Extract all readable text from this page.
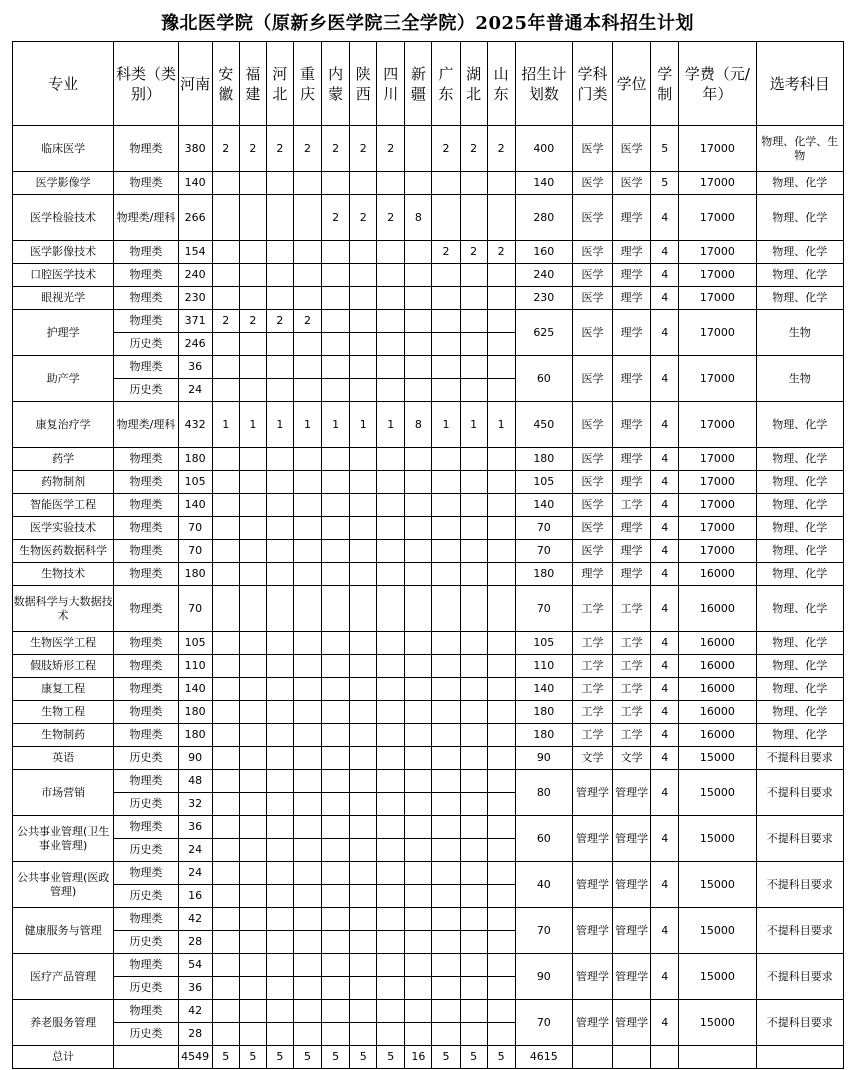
豫北医学院（原新乡医学院三全学院）2025年普通本科招生计划
专业	科类（类别）	河南	安徽	福建	河北	重庆	内蒙	陕西	四川	新疆	广东	湖北	山东	招生计划数	学科门类	学位	学制	学费（元/年）	选考科目
临床医学	物理类	380	2	2	2	2	2	2	2		2	2	2	400	医学	医学	5	17000	物理、化学、生物
医学影像学	物理类	140												140	医学	医学	5	17000	物理、化学
医学检验技术	物理类/理科	266					2	2	2	8				280	医学	理学	4	17000	物理、化学
医学影像技术	物理类	154									2	2	2	160	医学	理学	4	17000	物理、化学
口腔医学技术	物理类	240												240	医学	理学	4	17000	物理、化学
眼视光学	物理类	230												230	医学	理学	4	17000	物理、化学
护理学	物理类	371	2	2	2	2								625	医学	理学	4	17000	生物
	历史类	246																	
助产学	物理类	36												60	医学	理学	4	17000	生物
	历史类	24																	
康复治疗学	物理类/理科	432	1	1	1	1	1	1	1	8	1	1	1	450	医学	理学	4	17000	物理、化学
药学	物理类	180												180	医学	理学	4	17000	物理、化学
药物制剂	物理类	105												105	医学	理学	4	17000	物理、化学
智能医学工程	物理类	140												140	医学	工学	4	17000	物理、化学
医学实验技术	物理类	70												70	医学	理学	4	17000	物理、化学
生物医药数据科学	物理类	70												70	医学	理学	4	17000	物理、化学
生物技术	物理类	180												180	理学	理学	4	16000	物理、化学
数据科学与大数据技术	物理类	70												70	工学	工学	4	16000	物理、化学
生物医学工程	物理类	105												105	工学	工学	4	16000	物理、化学
假肢矫形工程	物理类	110												110	工学	工学	4	16000	物理、化学
康复工程	物理类	140												140	工学	工学	4	16000	物理、化学
生物工程	物理类	180												180	工学	工学	4	16000	物理、化学
生物制药	物理类	180												180	工学	工学	4	16000	物理、化学
英语	历史类	90												90	文学	文学	4	15000	不提科目要求
市场营销	物理类	48												80	管理学	管理学	4	15000	不提科目要求
	历史类	32																	
公共事业管理(卫生事业管理)	物理类	36												60	管理学	管理学	4	15000	不提科目要求
	历史类	24																	
公共事业管理(医政管理)	物理类	24												40	管理学	管理学	4	15000	不提科目要求
	历史类	16																	
健康服务与管理	物理类	42												70	管理学	管理学	4	15000	不提科目要求
	历史类	28																	
医疗产品管理	物理类	54												90	管理学	管理学	4	15000	不提科目要求
	历史类	36																	
养老服务管理	物理类	42												70	管理学	管理学	4	15000	不提科目要求
	历史类	28																	
总计		4549	5	5	5	5	5	5	5	16	5	5	5	4615					
